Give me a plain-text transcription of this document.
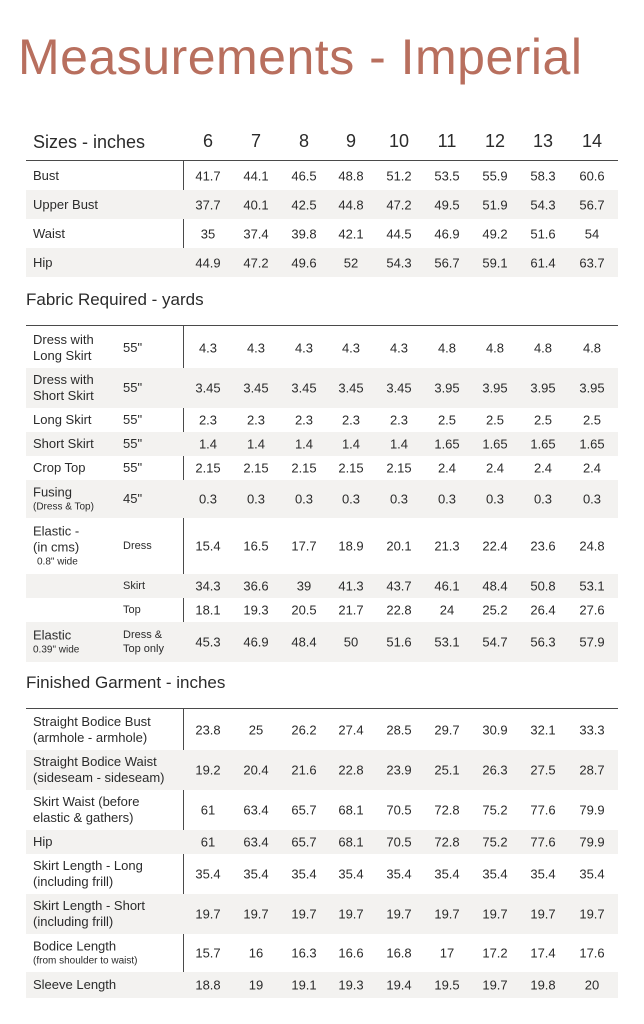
Measurements - Imperial
Sizes - inches	6	7	8	9	10	11	12	13	14
Bust	41.7	44.1	46.5	48.8	51.2	53.5	55.9	58.3	60.6
Upper Bust	37.7	40.1	42.5	44.8	47.2	49.5	51.9	54.3	56.7
Waist	35	37.4	39.8	42.1	44.5	46.9	49.2	51.6	54
Hip	44.9	47.2	49.6	52	54.3	56.7	59.1	61.4	63.7
Fabric Required - yards
Dress with
Long Skirt
55"	4.3	4.3	4.3	4.3	4.3	4.8	4.8	4.8	4.8
Dress with
Short Skirt
55"	3.45	3.45	3.45	3.45	3.45	3.95	3.95	3.95	3.95
Long Skirt 55"	2.3	2.3	2.3	2.3	2.3	2.5	2.5	2.5	2.5
Short Skirt 55"	1.4	1.4	1.4	1.4	1.4	1.65	1.65	1.65	1.65
Crop Top	55"	2.15	2.15	2.15	2.15	2.15	2.4	2.4	2.4	2.4
Fusing
(Dress & Top)
45"	0.3	0.3	0.3	0.3	0.3	0.3	0.3	0.3	0.3
Elastic -
(in cms)
0.8" wide
Dress	15.4	16.5	17.7	18.9	20.1	21.3	22.4	23.6	24.8
Skirt	34.3	36.6	39	41.3	43.7	46.1	48.4	50.8	53.1
Top	18.1	19.3	20.5	21.7	22.8	24	25.2	26.4	27.6
Elastic
0.39" wide
Dress &
Top only	45.3	46.9	48.4	50	51.6	53.1	54.7	56.3	57.9
Finished Garment - inches
Straight Bodice Bust
(armhole - armhole)	23.8	25	26.2	27.4	28.5	29.7	30.9	32.1	33.3
Straight Bodice Waist
(sideseam - sideseam)	19.2	20.4	21.6	22.8	23.9	25.1	26.3	27.5	28.7
Skirt Waist (before
elastic & gathers)	61	63.4	65.7	68.1	70.5	72.8	75.2	77.6	79.9
Hip	61	63.4	65.7	68.1	70.5	72.8	75.2	77.6	79.9
Skirt Length - Long
(including frill)	35.4	35.4	35.4	35.4	35.4	35.4	35.4	35.4	35.4
Skirt Length - Short
(including frill)	19.7	19.7	19.7	19.7	19.7	19.7	19.7	19.7	19.7
Bodice Length
(from shoulder to waist)
15.7	16	16.3	16.6	16.8	17	17.2	17.4	17.6
Sleeve Length	18.8	19	19.1	19.3	19.4	19.5	19.7	19.8	20
